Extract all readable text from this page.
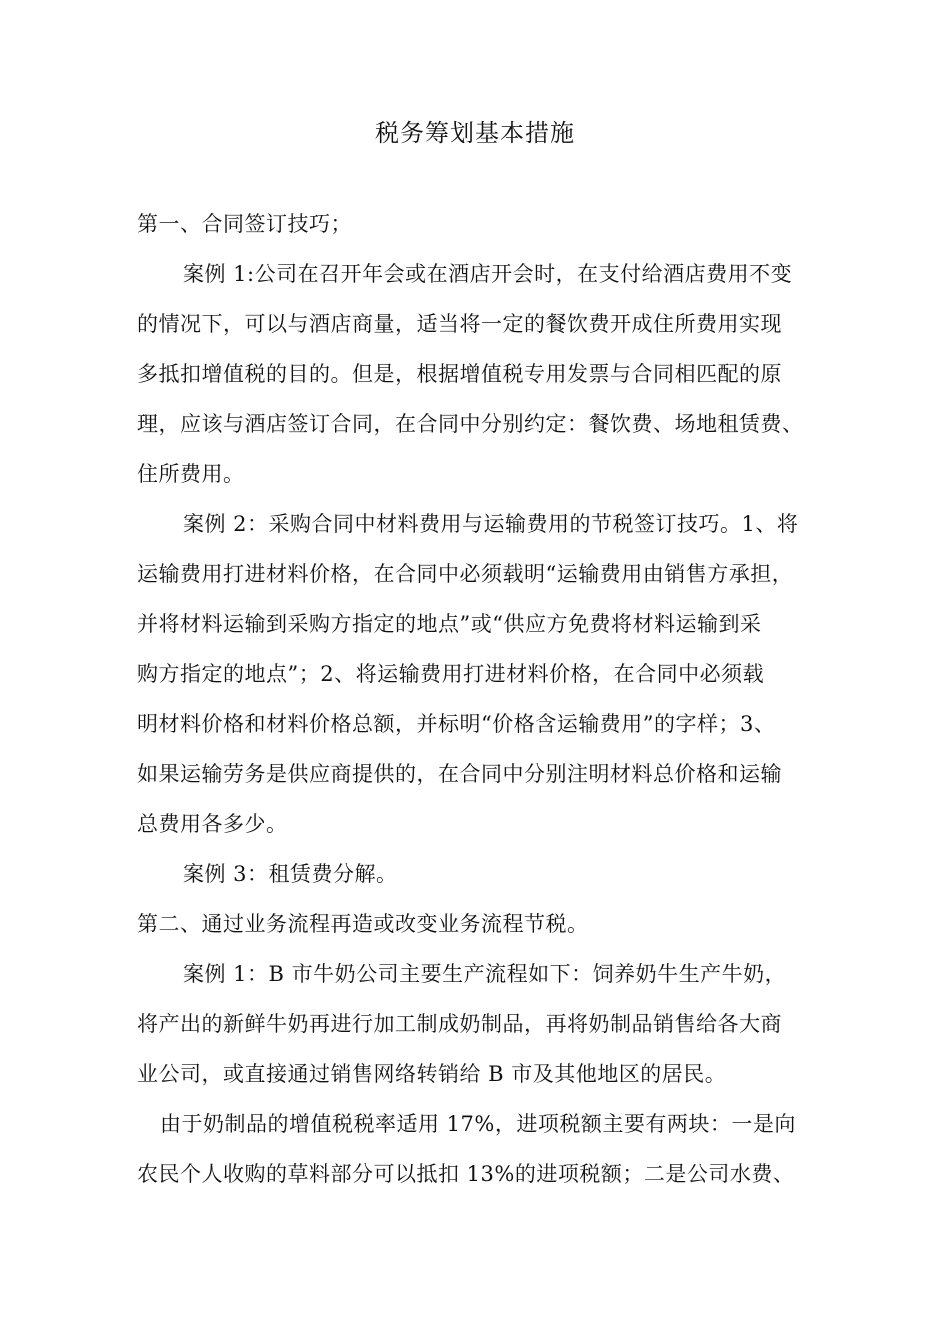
税务筹划基本措施
第一、合同签订技巧；
案例 1:公司在召开年会或在酒店开会时，在支付给酒店费用不变
的情况下，可以与酒店商量，适当将一定的餐饮费开成住所费用实现
多抵扣增值税的目的。但是，根据增值税专用发票与合同相匹配的原
理，应该与酒店签订合同，在合同中分别约定：餐饮费、场地租赁费、
住所费用。
案例 2：采购合同中材料费用与运输费用的节税签订技巧。1、将
运输费用打进材料价格，在合同中必须载明“运输费用由销售方承担，
并将材料运输到采购方指定的地点”或“供应方免费将材料运输到采
购方指定的地点”；2、将运输费用打进材料价格，在合同中必须载
明材料价格和材料价格总额，并标明“价格含运输费用”的字样；3、
如果运输劳务是供应商提供的，在合同中分别注明材料总价格和运输
总费用各多少。
案例 3：租赁费分解。
第二、通过业务流程再造或改变业务流程节税。
案例 1：B 市牛奶公司主要生产流程如下：饲养奶牛生产牛奶，
将产出的新鲜牛奶再进行加工制成奶制品，再将奶制品销售给各大商
业公司，或直接通过销售网络转销给 B 市及其他地区的居民。
由于奶制品的增值税税率适用 17%，进项税额主要有两块：一是向
农民个人收购的草料部分可以抵扣 13%的进项税额；二是公司水费、
